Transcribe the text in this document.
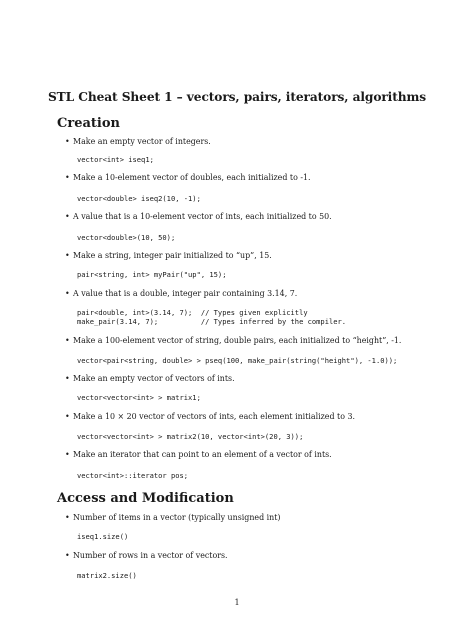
STL Cheat Sheet 1 – vectors, pairs, iterators, algorithms
Creation
• Make an empty vector of integers.
vector<int> iseq1;
• Make a 10-element vector of doubles, each initialized to -1.
vector<double> iseq2(10, -1);
• A value that is a 10-element vector of ints, each initialized to 50.
vector<double>(10, 50);
• Make a string, integer pair initialized to “up”, 15.
pair<string, int> myPair("up", 15);
• A value that is a double, integer pair containing 3.14, 7.
pair<double, int>(3.14, 7);  // Types given explicitly
make_pair(3.14, 7);          // Types inferred by the compiler.
• Make a 100-element vector of string, double pairs, each initialized to “height”, -1.
vector<pair<string, double> > pseq(100, make_pair(string("height"), -1.0));
• Make an empty vector of vectors of ints.
vector<vector<int> > matrix1;
• Make a 10 × 20 vector of vectors of ints, each element initialized to 3.
vector<vector<int> > matrix2(10, vector<int>(20, 3));
• Make an iterator that can point to an element of a vector of ints.
vector<int>::iterator pos;
Access and Modification
• Number of items in a vector (typically unsigned int)
iseq1.size()
• Number of rows in a vector of vectors.
matrix2.size()
1
